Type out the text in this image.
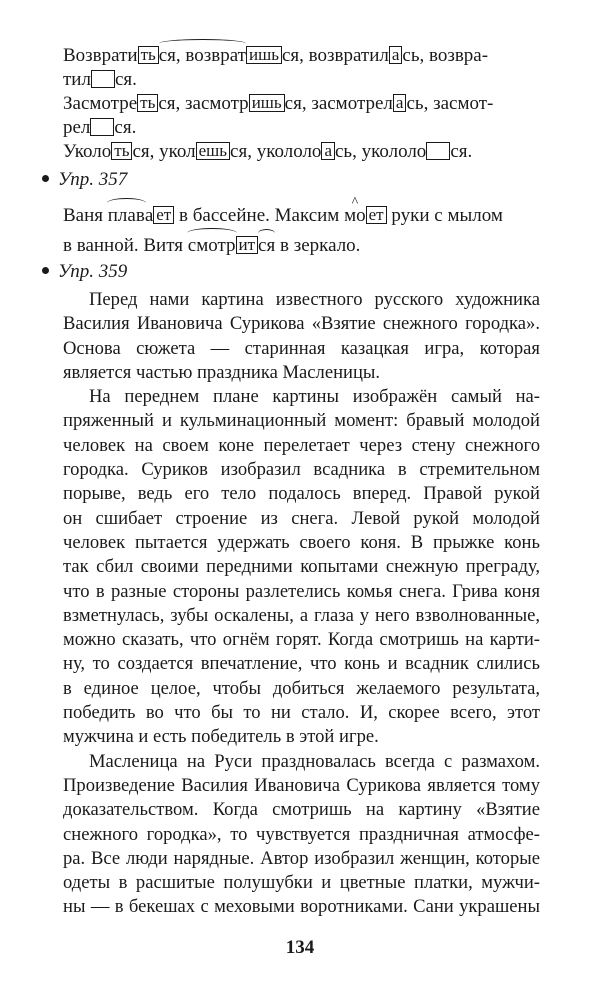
Возврати ть ся, возврат ишь ся, возвратил а сь, возвра-
тил ся.
Засмотре ть ся, засмотр ишь ся, засмотрел а сь, засмот-
рел ся.
Уколо ть ся, укол ешь ся, укололо а сь, укололо ся.
Упр. 357
Ваня плава ет в бассейне. Максим ^ мо ет руки с мылом
в ванной. Витя смотр ит ся в зеркало.
Упр. 359
Перед нами картина известного русского художника
Василия Ивановича Сурикова «Взятие снежного городка».
Основа сюжета — старинная казацкая игра, которая
является частью праздника Масленицы.
На переднем плане картины изображён самый на-
пряженный и кульминационный момент: бравый молодой
человек на своем коне перелетает через стену снежного
городка. Суриков изобразил всадника в стремительном
порыве, ведь его тело подалось вперед. Правой рукой
он сшибает строение из снега. Левой рукой молодой
человек пытается удержать своего коня. В прыжке конь
так сбил своими передними копытами снежную преграду,
что в разные стороны разлетелись комья снега. Грива коня
взметнулась, зубы оскалены, а глаза у него взволнованные,
можно сказать, что огнём горят. Когда смотришь на карти-
ну, то создается впечатление, что конь и всадник слились
в единое целое, чтобы добиться желаемого результата,
победить во что бы то ни стало. И, скорее всего, этот
мужчина и есть победитель в этой игре.
Масленица на Руси праздновалась всегда с размахом.
Произведение Василия Ивановича Сурикова является тому
доказательством. Когда смотришь на картину «Взятие
снежного городка», то чувствуется праздничная атмосфе-
ра. Все люди нарядные. Автор изобразил женщин, которые
одеты в расшитые полушубки и цветные платки, мужчи-
ны — в бекешах с меховыми воротниками. Сани украшены
134
